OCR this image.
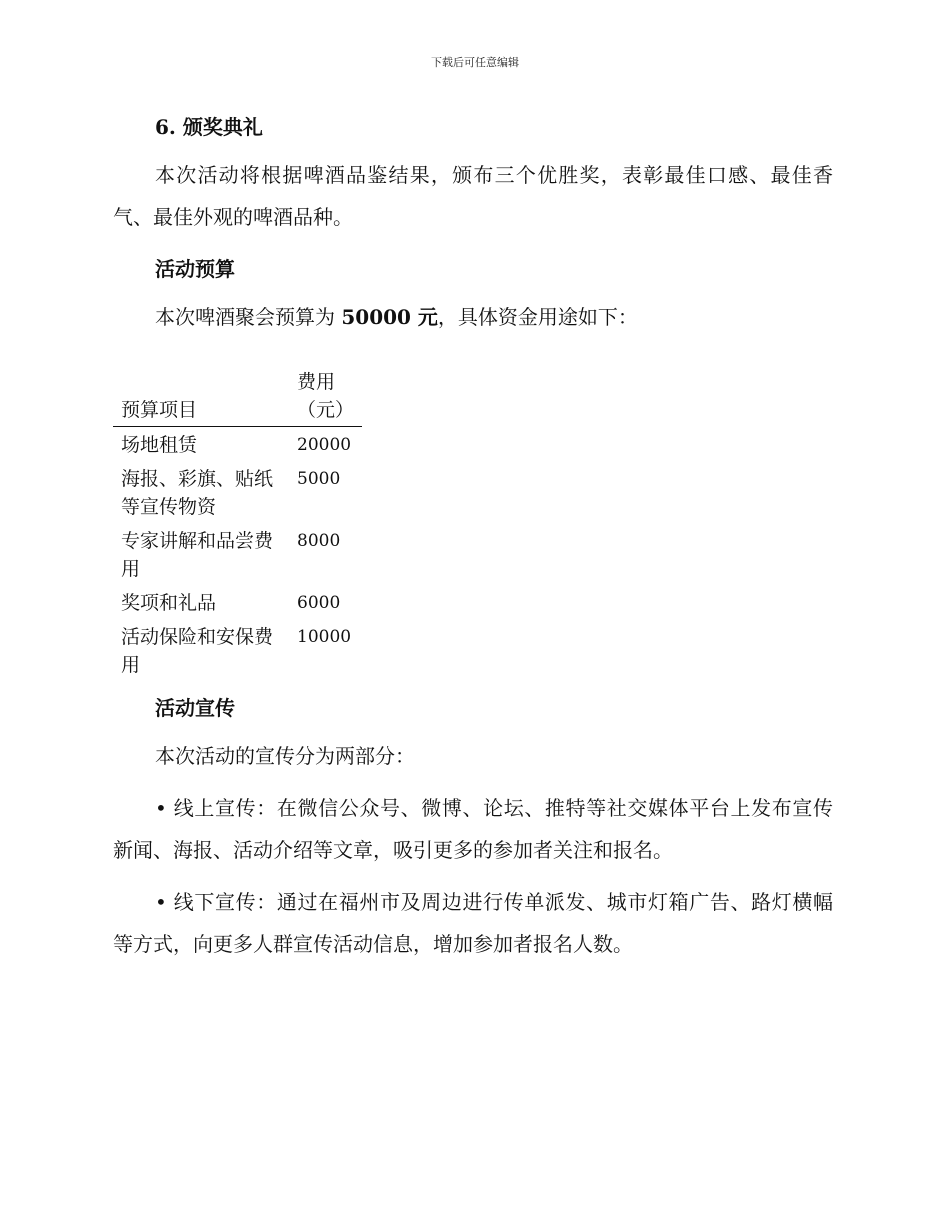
下载后可任意编辑
6. 颁奖典礼

本次活动将根据啤酒品鉴结果，颁布三个优胜奖，表彰最佳口感、最佳香气、最佳外观的啤酒品种。

活动预算

本次啤酒聚会预算为 50000 元，具体资金用途如下：

预算项目	费用（元）
场地租赁	20000
海报、彩旗、贴纸等宣传物资	5000
专家讲解和品尝费用	8000
奖项和礼品	6000
活动保险和安保费用	10000
活动宣传

本次活动的宣传分为两部分：

• 线上宣传：在微信公众号、微博、论坛、推特等社交媒体平台上发布宣传新闻、海报、活动介绍等文章，吸引更多的参加者关注和报名。

• 线下宣传：通过在福州市及周边进行传单派发、城市灯箱广告、路灯横幅等方式，向更多人群宣传活动信息，增加参加者报名人数。
